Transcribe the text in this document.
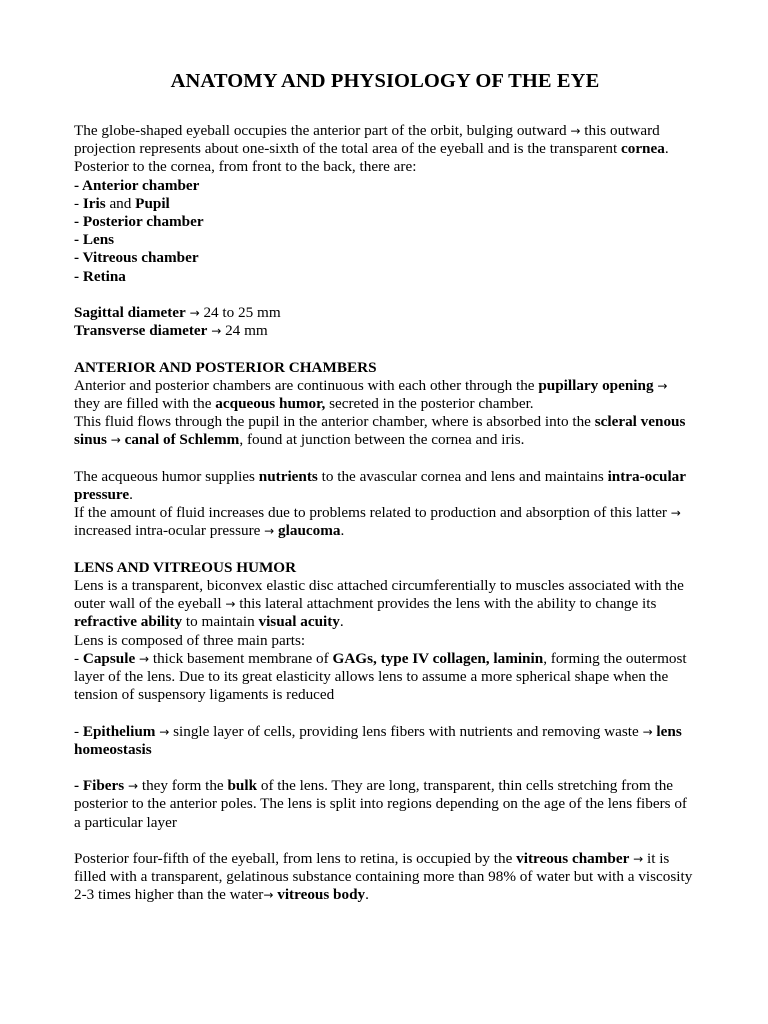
ANATOMY AND PHYSIOLOGY OF THE EYE
The globe-shaped eyeball occupies the anterior part of the orbit, bulging outward → this outward projection represents about one-sixth of the total area of the eyeball and is the transparent cornea.
Posterior to the cornea, from front to the back, there are:
- Anterior chamber
- Iris and Pupil
- Posterior chamber
- Lens
- Vitreous chamber
- Retina
Sagittal diameter → 24 to 25 mm
Transverse diameter → 24 mm
ANTERIOR AND POSTERIOR CHAMBERS
Anterior and posterior chambers are continuous with each other through the pupillary opening → they are filled with the acqueous humor, secreted in the posterior chamber.
This fluid flows through the pupil in the anterior chamber, where is absorbed into the scleral venous sinus → canal of Schlemm, found at junction between the cornea and iris.
The acqueous humor supplies nutrients to the avascular cornea and lens and maintains intra-ocular pressure.
If the amount of fluid increases due to problems related to production and absorption of this latter → increased intra-ocular pressure → glaucoma.
LENS AND VITREOUS HUMOR
Lens is a transparent, biconvex elastic disc attached circumferentially to muscles associated with the outer wall of the eyeball → this lateral attachment provides the lens with the ability to change its refractive ability to maintain visual acuity.
Lens is composed of three main parts:
- Capsule → thick basement membrane of GAGs, type IV collagen, laminin, forming the outermost layer of the lens. Due to its great elasticity allows lens to assume a more spherical shape when the tension of suspensory ligaments is reduced
- Epithelium → single layer of cells, providing lens fibers with nutrients and removing waste → lens homeostasis
- Fibers → they form the bulk of the lens. They are long, transparent, thin cells stretching from the posterior to the anterior poles. The lens is split into regions depending on the age of the lens fibers of a particular layer
Posterior four-fifth of the eyeball, from lens to retina, is occupied by the vitreous chamber → it is filled with a transparent, gelatinous substance containing more than 98% of water but with a viscosity 2-3 times higher than the water→ vitreous body.
